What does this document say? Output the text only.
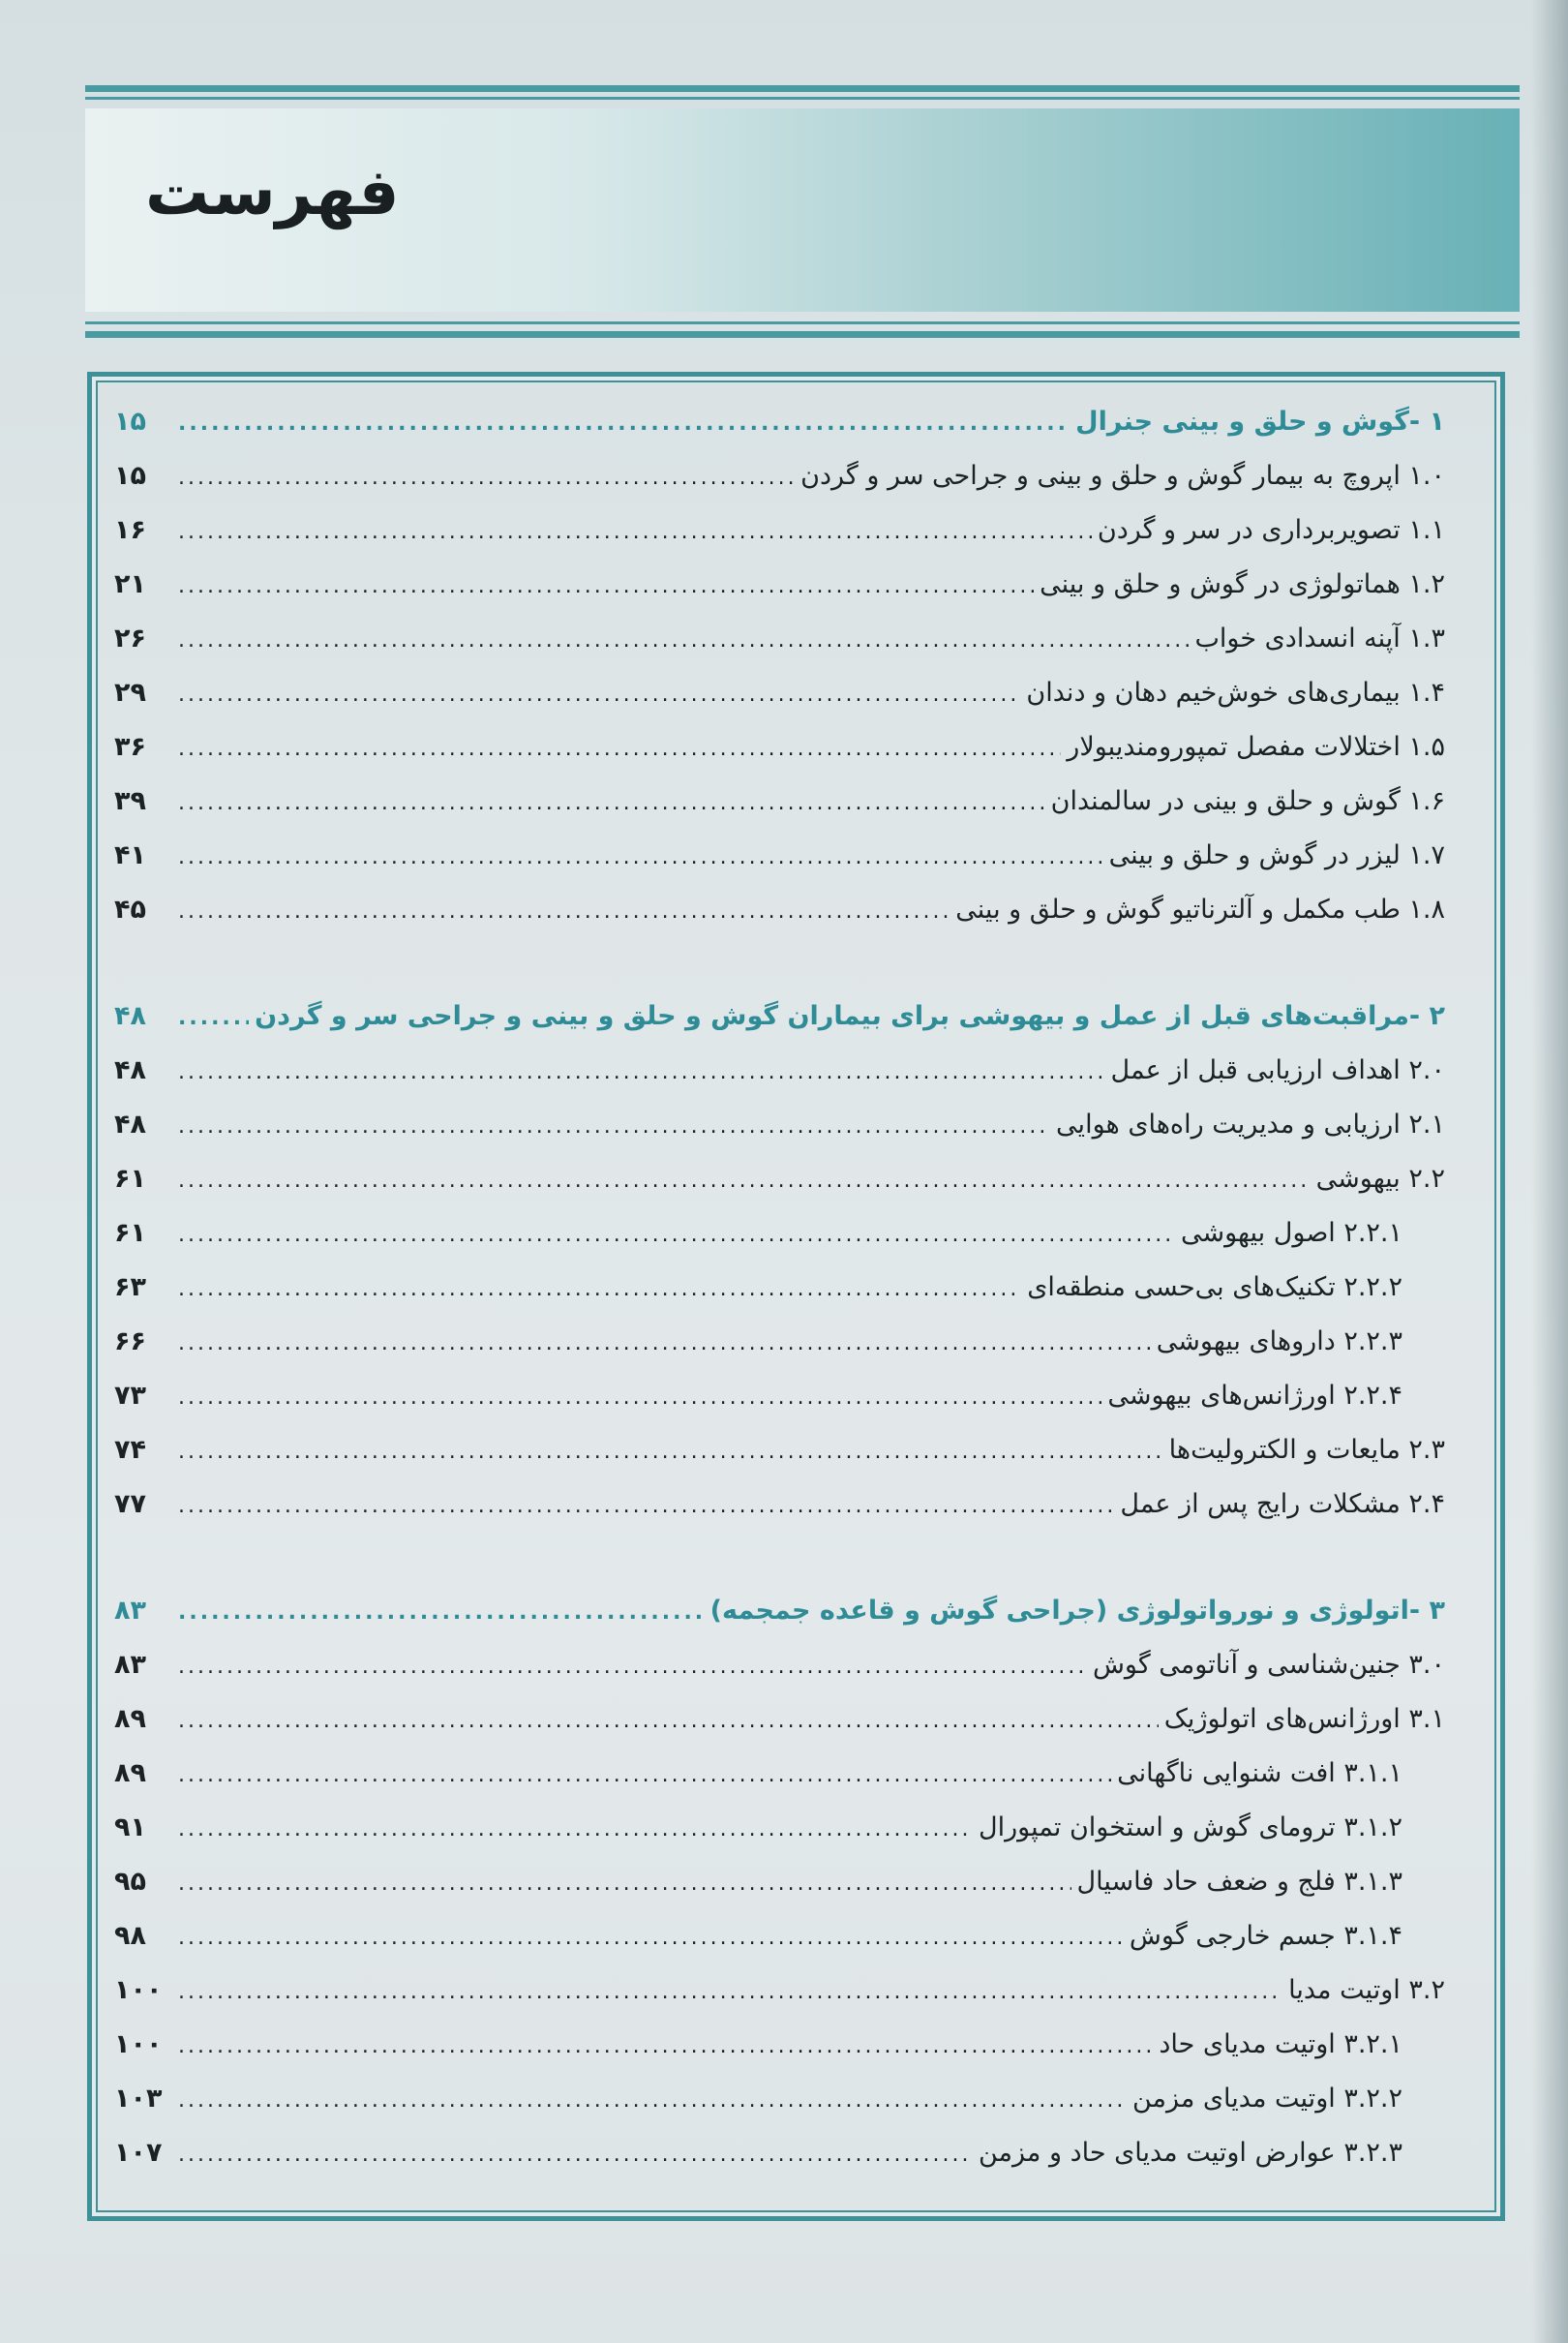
فهرست
۱ -گوش و حلق و بینی جنرال
.....
۱۵
۱.۰ اپروچ به بیمار گوش و حلق و بینی و جراحی سر و گردن
.....
۱۵
۱.۱ تصویربرداری در سر و گردن
.....
۱۶
۱.۲ هماتولوژی در گوش و حلق و بینی
.....
۲۱
۱.۳ آپنه انسدادی خواب
.....
۲۶
۱.۴ بیماری‌های خوش‌خیم دهان و دندان
.....
۲۹
۱.۵ اختلالات مفصل تمپورومندیبولار
.....
۳۶
۱.۶ گوش و حلق و بینی در سالمندان
.....
۳۹
۱.۷ لیزر در گوش و حلق و بینی
.....
۴۱
۱.۸ طب مکمل و آلترناتیو گوش و حلق و بینی
.....
۴۵
۲ -مراقبت‌های قبل از عمل و بیهوشی برای بیماران گوش و حلق و بینی و جراحی سر و گردن
.....
۴۸
۲.۰ اهداف ارزیابی قبل از عمل
.....
۴۸
۲.۱ ارزیابی و مدیریت راه‌های هوایی
.....
۴۸
۲.۲ بیهوشی
.....
۶۱
۲.۲.۱ اصول بیهوشی
.....
۶۱
۲.۲.۲ تکنیک‌های بی‌حسی منطقه‌ای
.....
۶۳
۲.۲.۳ داروهای بیهوشی
.....
۶۶
۲.۲.۴ اورژانس‌های بیهوشی
.....
۷۳
۲.۳ مایعات و الکترولیت‌ها
.....
۷۴
۲.۴ مشکلات رایج پس از عمل
.....
۷۷
۳ -اتولوژی و نورواتولوژی (جراحی گوش و قاعده جمجمه)
.....
۸۳
۳.۰ جنین‌شناسی و آناتومی گوش
.....
۸۳
۳.۱ اورژانس‌های اتولوژیک
.....
۸۹
۳.۱.۱ افت شنوایی ناگهانی
.....
۸۹
۳.۱.۲ ترومای گوش و استخوان تمپورال
.....
۹۱
۳.۱.۳ فلج و ضعف حاد فاسیال
.....
۹۵
۳.۱.۴ جسم خارجی گوش
.....
۹۸
۳.۲ اوتیت مدیا
.....
۱۰۰
۳.۲.۱ اوتیت مدیای حاد
.....
۱۰۰
۳.۲.۲ اوتیت مدیای مزمن
.....
۱۰۳
۳.۲.۳ عوارض اوتیت مدیای حاد و مزمن
.....
۱۰۷
